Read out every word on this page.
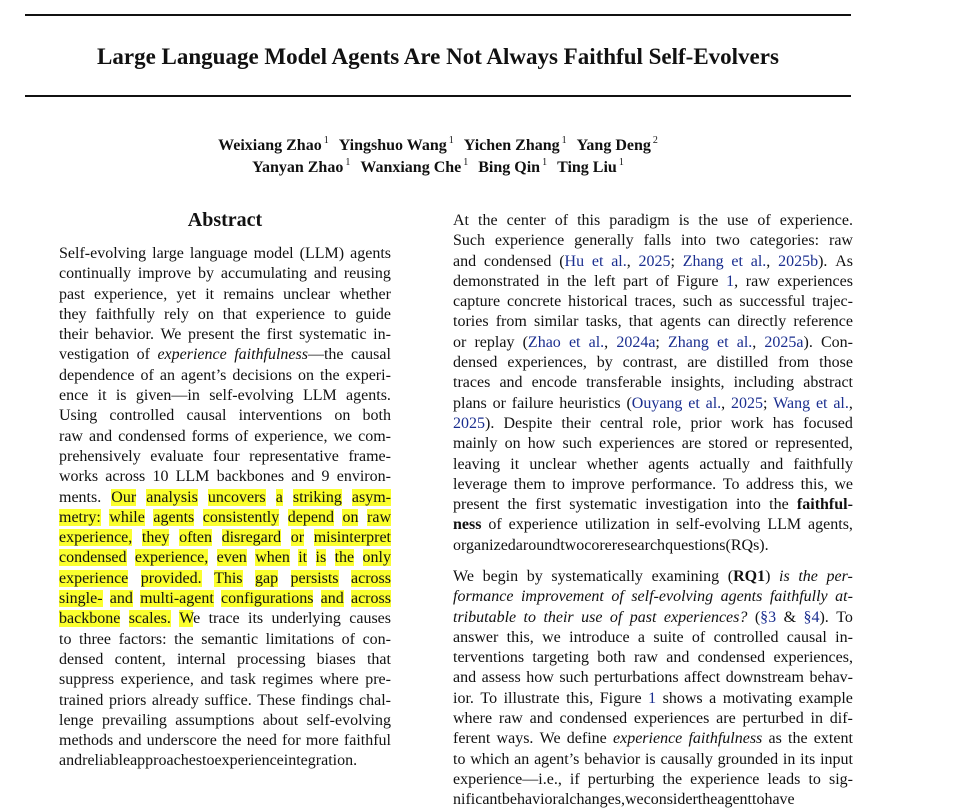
Large Language Model Agents Are Not Always Faithful Self-Evolvers
Weixiang Zhao $^1$ Yingshuo Wang $^1$ Yichen Zhang $^1$ Yang Deng $^2$
Yanyan Zhao $^1$ Wanxiang Che $^1$ Bing Qin $^1$ Ting Liu $^1$
Abstract
Self-evolving large language model (LLM) agents
continually improve by accumulating and reusing
past experience, yet it remains unclear whether
they faithfully rely on that experience to guide
their behavior. We present the first systematic in-
vestigation of experience faithfulness—the causal
dependence of an agent’s decisions on the experi-
ence it is given—in self-evolving LLM agents.
Using controlled causal interventions on both
raw and condensed forms of experience, we com-
prehensively evaluate four representative frame-
works across 10 LLM backbones and 9 environ-
ments. Our analysis uncovers a striking asym-
metry: while agents consistently depend on raw
experience, they often disregard or misinterpret
condensed experience, even when it is the only
experience provided. This gap persists across
single- and multi-agent configurations and across
backbone scales. We trace its underlying causes
to three factors: the semantic limitations of con-
densed content, internal processing biases that
suppress experience, and task regimes where pre-
trained priors already suffice. These findings chal-
lenge prevailing assumptions about self-evolving
methods and underscore the need for more faithful
and reliable approaches to experience integration.
At the center of this paradigm is the use of experience.
Such experience generally falls into two categories: raw
and condensed (Hu et al., 2025; Zhang et al., 2025b). As
demonstrated in the left part of Figure 1, raw experiences
capture concrete historical traces, such as successful trajec-
tories from similar tasks, that agents can directly reference
or replay (Zhao et al., 2024a; Zhang et al., 2025a). Con-
densed experiences, by contrast, are distilled from those
traces and encode transferable insights, including abstract
plans or failure heuristics (Ouyang et al., 2025; Wang et al.,
2025). Despite their central role, prior work has focused
mainly on how such experiences are stored or represented,
leaving it unclear whether agents actually and faithfully
leverage them to improve performance. To address this, we
present the first systematic investigation into the faithful-
ness of experience utilization in self-evolving LLM agents,
organized around two core research questions (RQs).
We begin by systematically examining (RQ1) is the per-
formance improvement of self-evolving agents faithfully at-
tributable to their use of past experiences? (§3 & §4). To
answer this, we introduce a suite of controlled causal in-
terventions targeting both raw and condensed experiences,
and assess how such perturbations affect downstream behav-
ior. To illustrate this, Figure 1 shows a motivating example
where raw and condensed experiences are perturbed in dif-
ferent ways. We define experience faithfulness as the extent
to which an agent’s behavior is causally grounded in its input
experience—i.e., if perturbing the experience leads to sig-
nificant behavioral changes, we consider the agent to have
